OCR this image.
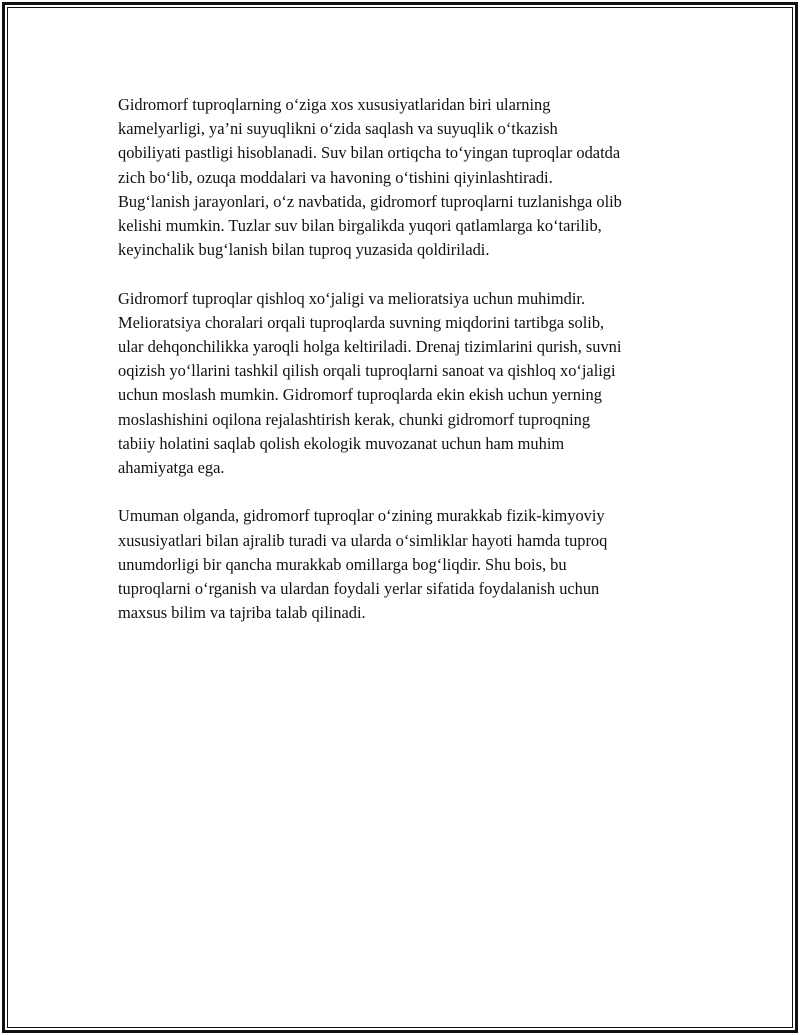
Gidromorf tuproqlarning o‘ziga xos xususiyatlaridan biri ularning
kamelyarligi, ya’ni suyuqlikni o‘zida saqlash va suyuqlik o‘tkazish
qobiliyati pastligi hisoblanadi. Suv bilan ortiqcha to‘yingan tuproqlar odatda
zich bo‘lib, ozuqa moddalari va havoning o‘tishini qiyinlashtiradi.
Bug‘lanish jarayonlari, o‘z navbatida, gidromorf tuproqlarni tuzlanishga olib
kelishi mumkin. Tuzlar suv bilan birgalikda yuqori qatlamlarga ko‘tarilib,
keyinchalik bug‘lanish bilan tuproq yuzasida qoldiriladi.

Gidromorf tuproqlar qishloq xo‘jaligi va melioratsiya uchun muhimdir.
Melioratsiya choralari orqali tuproqlarda suvning miqdorini tartibga solib,
ular dehqonchilikka yaroqli holga keltiriladi. Drenaj tizimlarini qurish, suvni
oqizish yo‘llarini tashkil qilish orqali tuproqlarni sanoat va qishloq xo‘jaligi
uchun moslash mumkin. Gidromorf tuproqlarda ekin ekish uchun yerning
moslashishini oqilona rejalashtirish kerak, chunki gidromorf tuproqning
tabiiy holatini saqlab qolish ekologik muvozanat uchun ham muhim
ahamiyatga ega.

Umuman olganda, gidromorf tuproqlar o‘zining murakkab fizik-kimyoviy
xususiyatlari bilan ajralib turadi va ularda o‘simliklar hayoti hamda tuproq
unumdorligi bir qancha murakkab omillarga bog‘liqdir. Shu bois, bu
tuproqlarni o‘rganish va ulardan foydali yerlar sifatida foydalanish uchun
maxsus bilim va tajriba talab qilinadi.
